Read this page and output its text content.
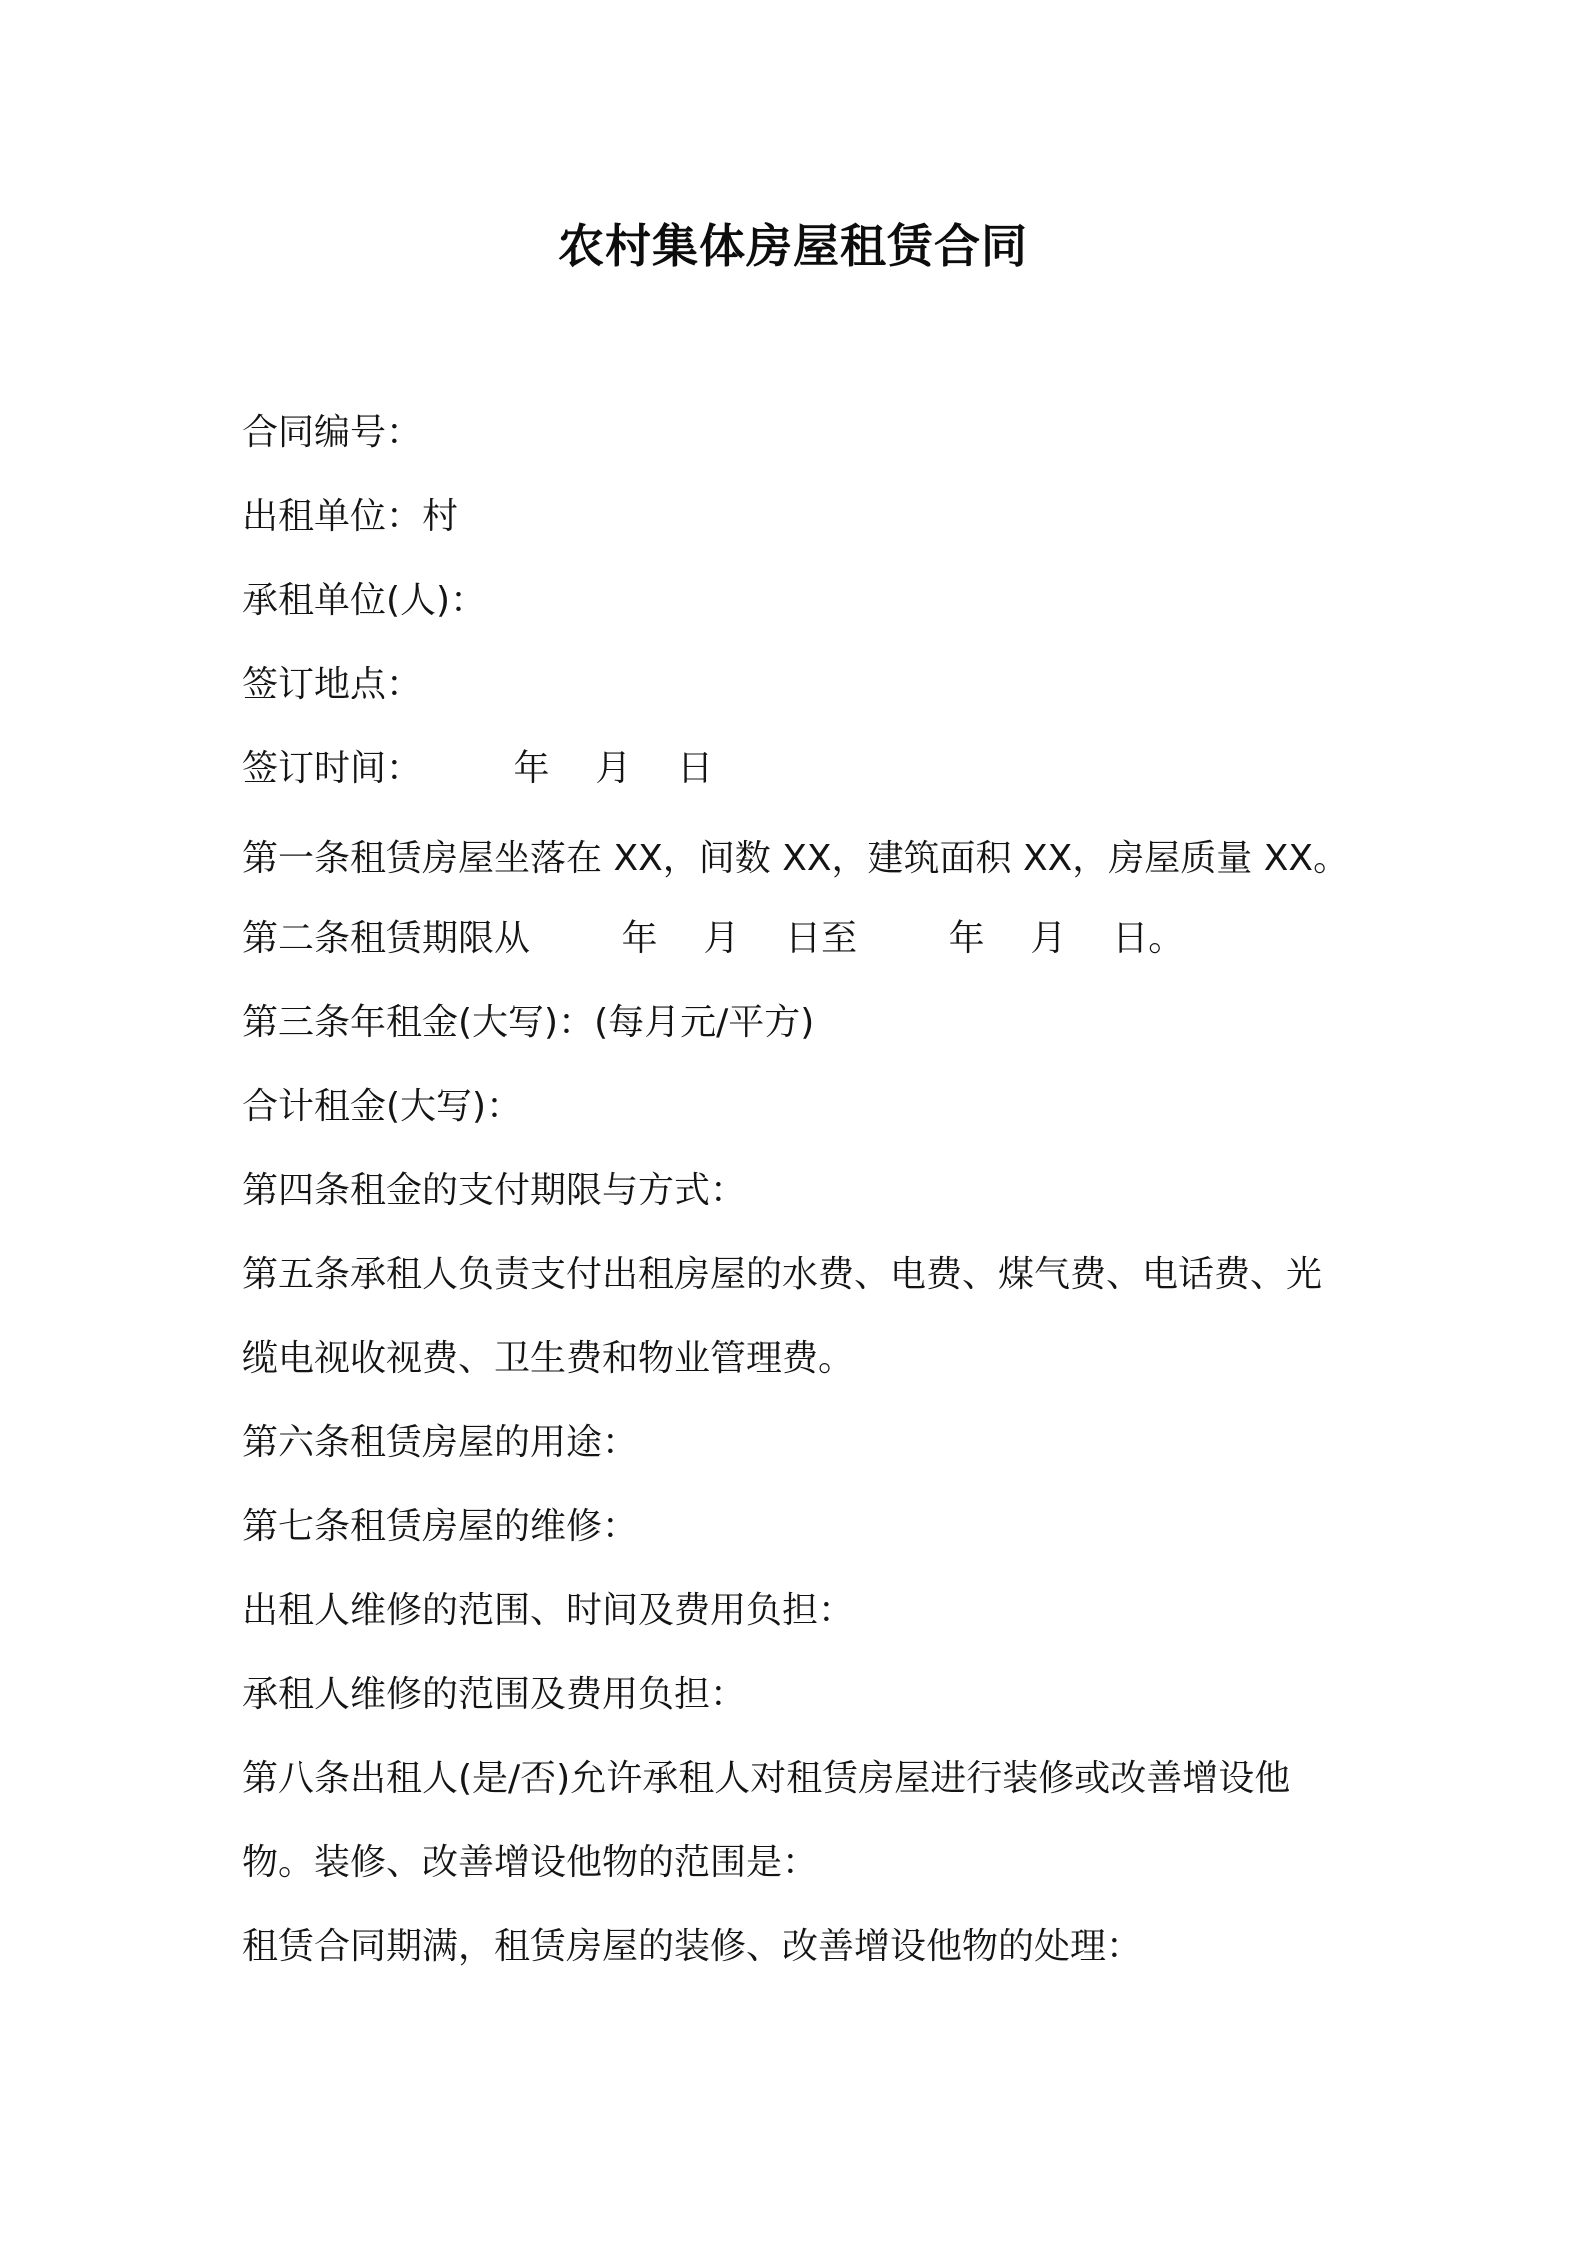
农村集体房屋租赁合同
合同编号：
出租单位：村
承租单位(人)：
签订地点：
签订时间：        年    月    日
第一条租赁房屋坐落在 XX，间数 XX，建筑面积 XX，房屋质量 XX。
第二条租赁期限从        年    月    日至        年    月    日。
第三条年租金(大写)：(每月元/平方)
合计租金(大写)：
第四条租金的支付期限与方式：
第五条承租人负责支付出租房屋的水费、电费、煤气费、电话费、光
缆电视收视费、卫生费和物业管理费。
第六条租赁房屋的用途：
第七条租赁房屋的维修：
出租人维修的范围、时间及费用负担：
承租人维修的范围及费用负担：
第八条出租人(是/否)允许承租人对租赁房屋进行装修或改善增设他
物。装修、改善增设他物的范围是：
租赁合同期满，租赁房屋的装修、改善增设他物的处理：
